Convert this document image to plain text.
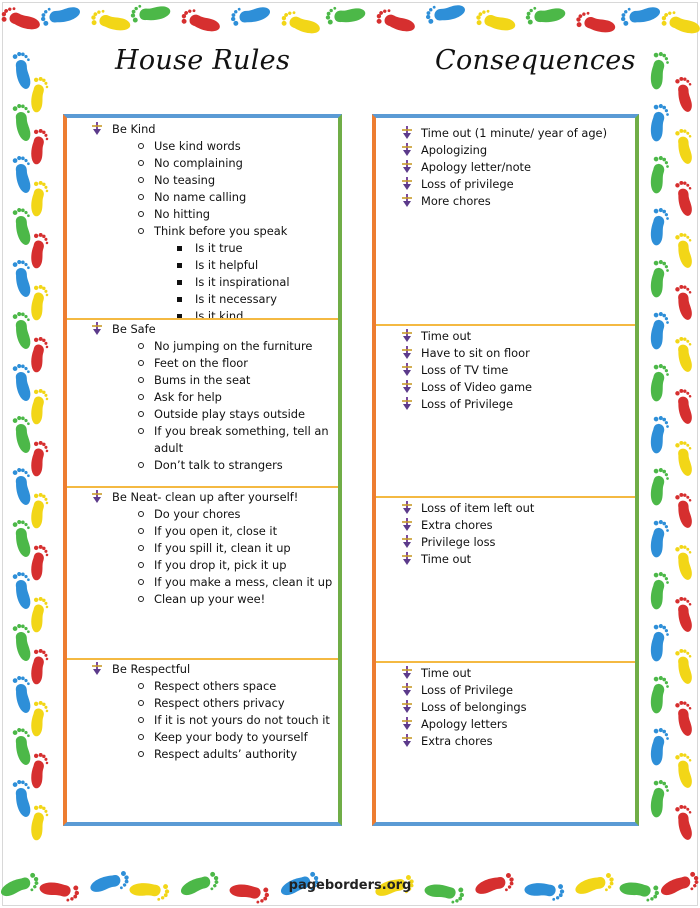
House Rules	Consequences
Be Kind
Use kind words
No complaining
No teasing
No name calling
No hitting
Think before you speak
Is it true
Is it helpful
Is it inspirational
Is it necessary
Is it kind
Be Safe
No jumping on the furniture
Feet on the floor
Bums in the seat
Ask for help
Outside play stays outside
If you break something, tell an
adult
Don’t talk to strangers
Be Neat- clean up after yourself!
Do your chores
If you open it, close it
If you spill it, clean it up
If you drop it, pick it up
If you make a mess, clean it up
Clean up your wee!
Be Respectful
Respect others space
Respect others privacy
If it is not yours do not touch it
Keep your body to yourself
Respect adults’ authority
Time out (1 minute/ year of age)
Apologizing
Apology letter/note
Loss of privilege
More chores
Time out
Have to sit on floor
Loss of TV time
Loss of Video game
Loss of Privilege
Loss of item left out
Extra chores
Privilege loss
Time out
Time out
Loss of Privilege
Loss of belongings
Apology letters
Extra chores
pageborders.org
